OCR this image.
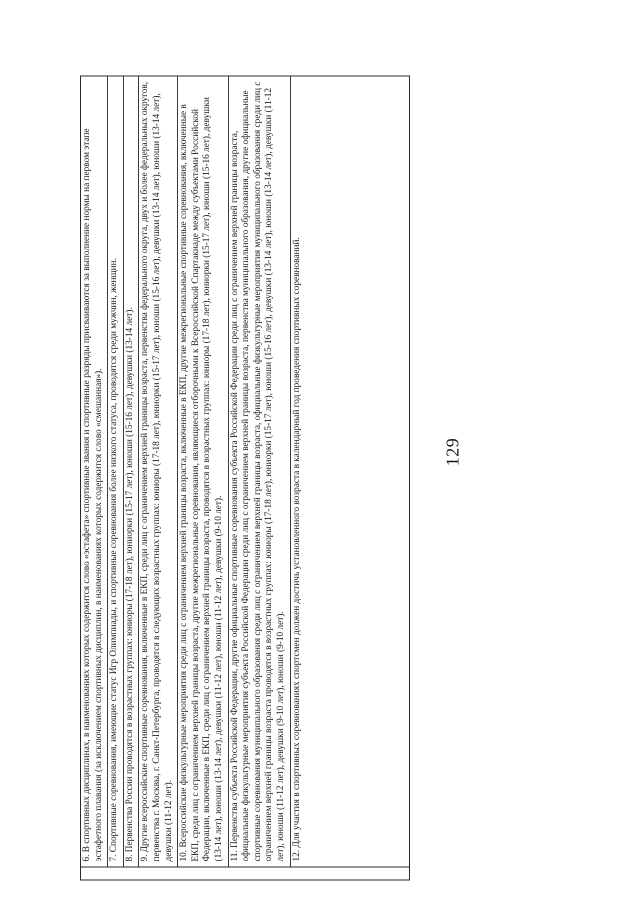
129
6. В спортивных дисциплинах, в наименованиях которых содержится слово «эстафета» спортивные звания и спортивные разряды присваиваются за выполнение нормы на первом этапе эстафетного плавания (за исключением спортивных дисциплин, в наименованиях которых содержится слово «смешанная»). 7. Спортивные соревнования, имеющие статус Игр Олимпиады, и спортивные соревнования более низкого статуса, проводятся среди мужчин, женщин. 8. Первенства России проводятся в возрастных группах: юниоры (17-18 лет), юниорки (15-17 лет), юноши (15-16 лет), девушки (13-14 лет). 9. Другие всероссийские спортивные соревнования, включенные в ЕКП, среди лиц с ограничением верхней границы возраста, первенства федерального округа, двух и более федеральных округов, первенства г. Москвы, г. Санкт-Петербурга, проводятся в следующих возрастных группах: юниоры (17-18 лет), юниорки (15-17 лет), юноши (15-16 лет), девушки (13-14 лет), юноши (13-14 лет), девушки (11-12 лет). 10. Всероссийские физкультурные мероприятия среди лиц с ограничением верхней границы возраста, включенные в ЕКП, другие межрегиональные спортивные соревнования, включенные в ЕКП, среди лиц с ограничением верхней границы возраста, другие межрегиональные соревнования, являющиеся отборочными к Всероссийской Спартакиаде между субъектами Российской Федерации, включенные в ЕКП, среди лиц с ограничением верхней границы возраста, проводятся в возрастных группах: юниоры (17-18 лет), юниорки (15-17 лет), юноши (15-16 лет), девушки (13-14 лет), юноши (13-14 лет), девушки (11-12 лет), юноши (11-12 лет), девушки (9-10 лет). 11. Первенства субъекта Российской Федерации, другие официальные спортивные соревнования субъекта Российской Федерации среди лиц с ограничением верхней границы возраста, официальные физкультурные мероприятия субъекта Российской Федерации среди лиц с ограничением верхней границы возраста, первенства муниципального образования, другие официальные спортивные соревнования муниципального образования среди лиц с ограничением верхней границы возраста, официальные физкультурные мероприятия муниципального образования среди лиц с ограничением верхней границы возраста проводятся в возрастных группах: юниоры (17-18 лет), юниорки (15-17 лет), юноши (15-16 лет), девушки (13-14 лет), юноши (13-14 лет), девушки (11-12 лет), юноши (11-12 лет), девушки (9-10 лет), юноши (9-10 лет). 12. Для участия в спортивных соревнованиях спортсмен должен достичь установленного возраста в календарный год проведения спортивных соревнований.
